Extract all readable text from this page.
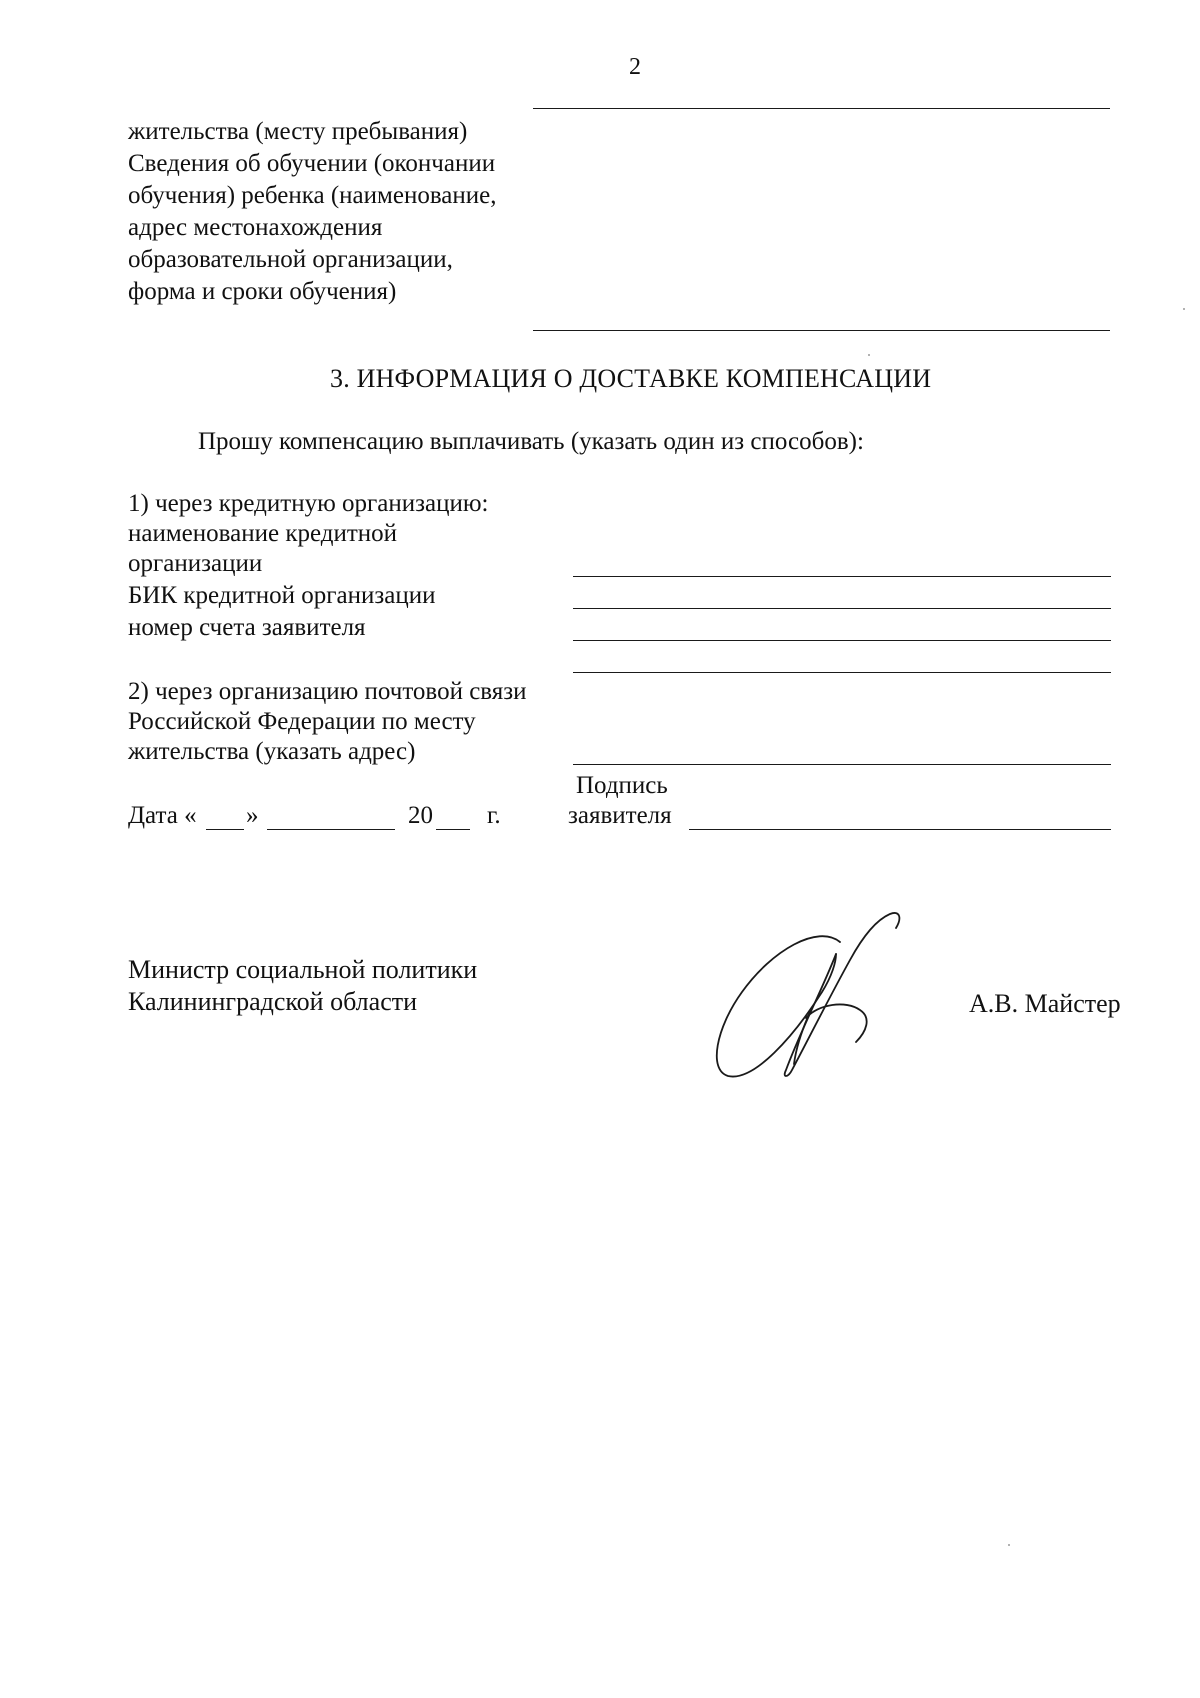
2
жительства (месту пребывания)
Сведения об обучении (окончании
обучения) ребенка (наименование,
адрес местонахождения
образовательной организации,
форма и сроки обучения)
3. ИНФОРМАЦИЯ О ДОСТАВКЕ КОМПЕНСАЦИИ
Прошу компенсацию выплачивать (указать один из способов):
1) через кредитную организацию:
наименование кредитной
организации
БИК кредитной организации
номер счета заявителя
2) через организацию почтовой связи
Российской Федерации по месту
жительства (указать адрес)
Дата « »	20 г.
Подпись
заявителя
Министр социальной политики
Калининградской области	А.В. Майстер
